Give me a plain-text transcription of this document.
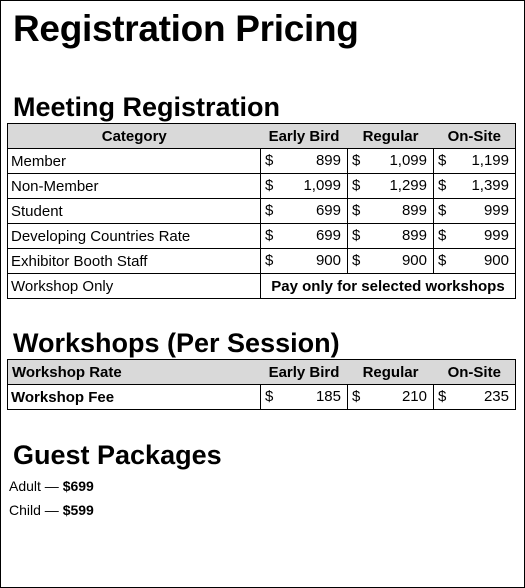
Registration Pricing
Meeting Registration
Category	Early Bird	Regular	On-Site
Member	$ 899	$ 1,099	$ 1,199

Non-Member	$ 1,099	$ 1,299	$ 1,399

Student	$ 699	$ 899	$ 999

Developing Countries Rate	$ 699	$ 899	$ 999

Exhibitor Booth Staff	$ 900	$ 900	$ 900

Workshop Only	Pay only for selected workshops		
Workshops (Per Session)
Workshop Rate	Early Bird	Regular	On-Site
Workshop Fee	$ 185	$ 210	$ 235
Guest Packages
Adult — $699
Child — $599
